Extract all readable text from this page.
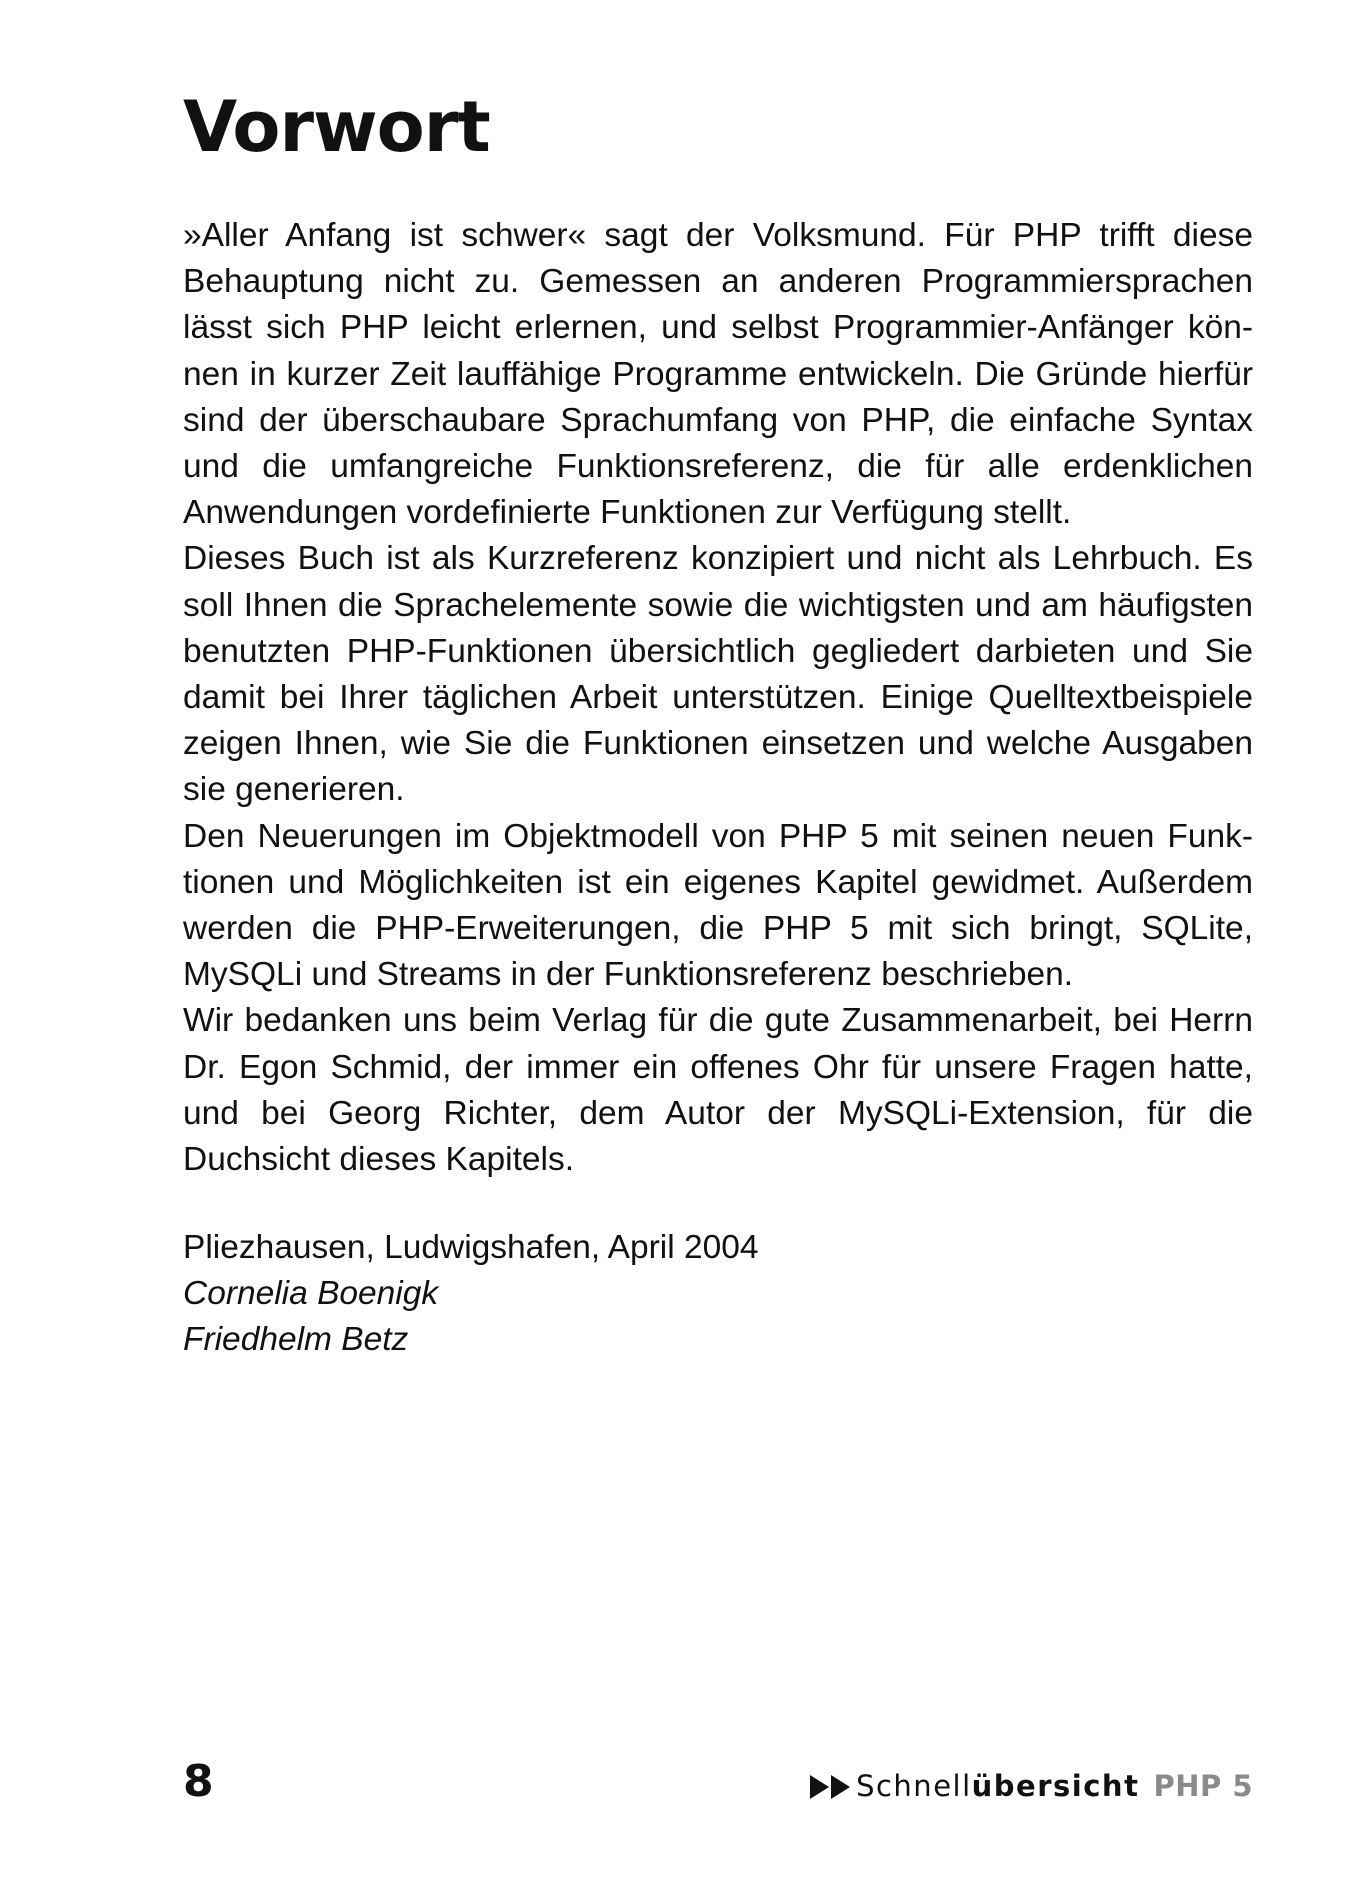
Vorwort

»Aller Anfang ist schwer« sagt der Volksmund. Für PHP trifft diese Behauptung nicht zu. Gemessen an anderen Programmiersprachen lässt sich PHP leicht erlernen, und selbst Programmier-Anfänger können in kurzer Zeit lauffähige Programme entwickeln. Die Gründe hierfür sind der überschaubare Sprachumfang von PHP, die einfache Syntax und die umfangreiche Funktionsreferenz, die für alle erdenklichen Anwendungen vordefinierte Funktionen zur Verfügung stellt.

Dieses Buch ist als Kurzreferenz konzipiert und nicht als Lehrbuch. Es soll Ihnen die Sprachelemente sowie die wichtigsten und am häufigsten benutzten PHP-Funktionen übersichtlich gegliedert darbieten und Sie damit bei Ihrer täglichen Arbeit unterstützen. Einige Quelltextbeispiele zeigen Ihnen, wie Sie die Funktionen einsetzen und welche Ausgaben sie generieren.

Den Neuerungen im Objektmodell von PHP 5 mit seinen neuen Funktionen und Möglichkeiten ist ein eigenes Kapitel gewidmet. Außerdem werden die PHP-Erweiterungen, die PHP 5 mit sich bringt, SQLite, MySQLi und Streams in der Funktionsreferenz beschrieben.

Wir bedanken uns beim Verlag für die gute Zusammenarbeit, bei Herrn Dr. Egon Schmid, der immer ein offenes Ohr für unsere Fragen hatte, und bei Georg Richter, dem Autor der MySQLi-Extension, für die Duchsicht dieses Kapitels.

Pliezhausen, Ludwigshafen, April 2004
Cornelia Boenigk
Friedhelm Betz
8	Schnell übersicht PHP 5
